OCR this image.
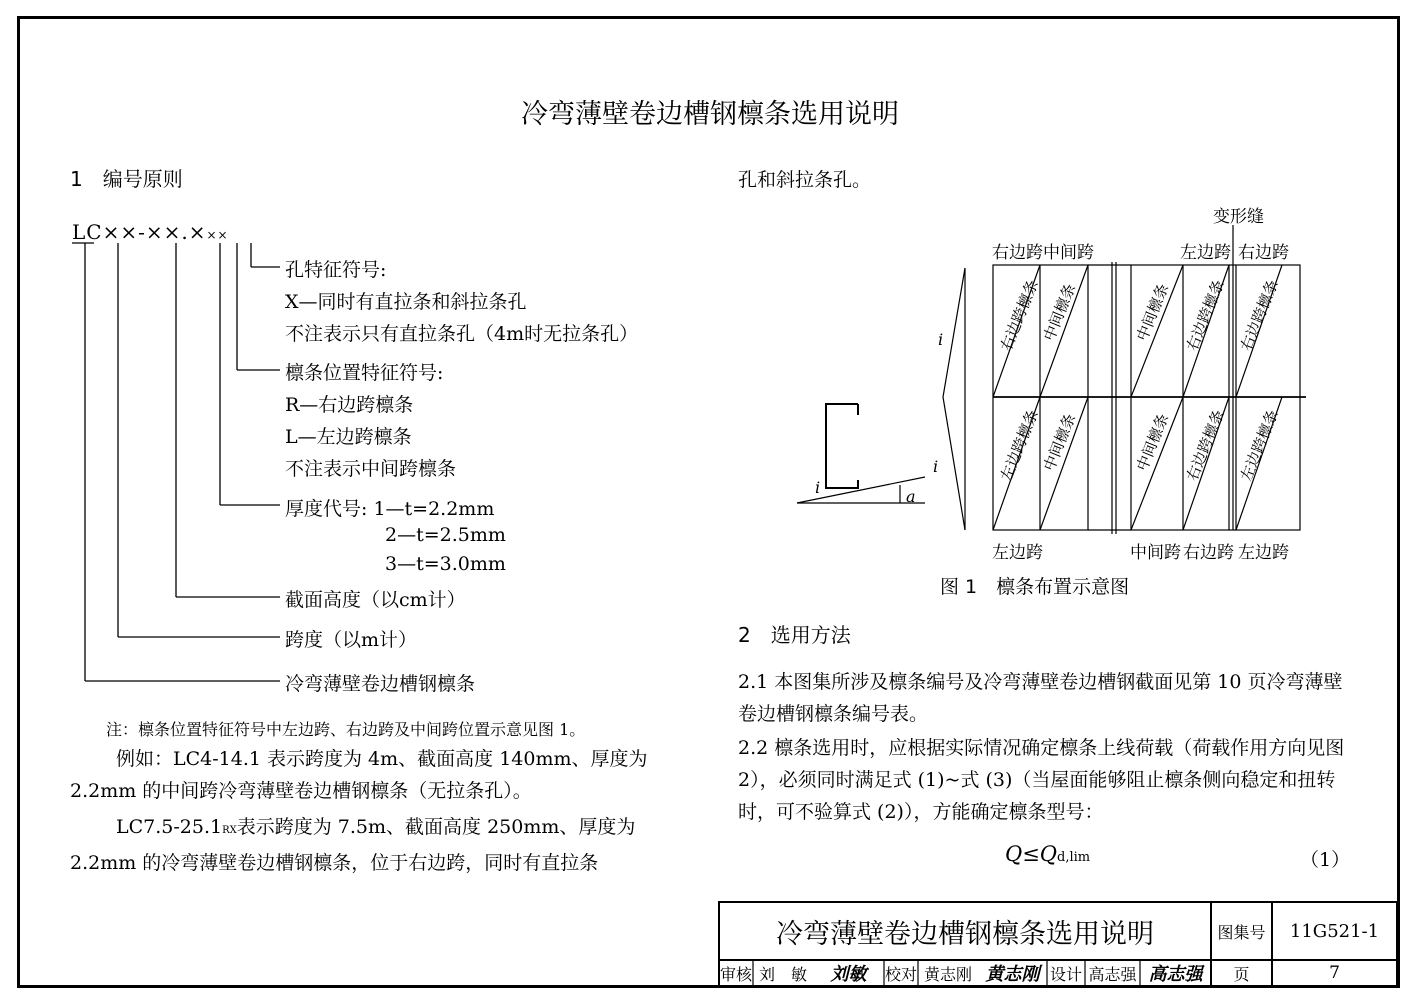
冷弯薄壁卷边槽钢檩条选用说明
1　编号原则
LC××-××.×××
孔特征符号:
X—同时有直拉条和斜拉条孔
不注表示只有直拉条孔（4m时无拉条孔）
檩条位置特征符号:
R—右边跨檩条
L—左边跨檩条
不注表示中间跨檩条
厚度代号: 1—t=2.2mm
2—t=2.5mm
3—t=3.0mm
截面高度（以cm计）
跨度（以m计）
冷弯薄壁卷边槽钢檩条
注：檩条位置特征符号中左边跨、右边跨及中间跨位置示意见图 1。
例如：LC4-14.1 表示跨度为 4m、截面高度 140mm、厚度为 2.2mm 的中间跨冷弯薄壁卷边槽钢檩条（无拉条孔）。
LC7.5-25.1RX表示跨度为 7.5m、截面高度 250mm、厚度为 2.2mm 的冷弯薄壁卷边槽钢檩条，位于右边跨，同时有直拉条
孔和斜拉条孔。
变形缝
右边跨 中间跨	左边跨 右边跨
左边跨	中间跨 右边跨 左边跨
i
i
i	a
右边跨檩条
中间檩条	中间檩条 右边跨檩条 右边跨檩条
左边跨檩条
中间檩条	中间檩条 右边跨檩条 左边跨檩条
图 1　檩条布置示意图
2　选用方法
2.1 本图集所涉及檩条编号及冷弯薄壁卷边槽钢截面见第 10 页冷弯薄壁卷边槽钢檩条编号表。
2.2 檩条选用时，应根据实际情况确定檩条上线荷载（荷载作用方向见图 2），必须同时满足式 (1)~式 (3)（当屋面能够阻止檩条侧向稳定和扭转时，可不验算式 (2)），方能确定檩条型号：
Q≤Qd,lim	（1）
冷弯薄壁卷边槽钢檩条选用说明	图集号	11G521-1
审核 刘　敏	刘敏	校对 黄志刚 黄志刚 设计 高志强 高志强	页	7
